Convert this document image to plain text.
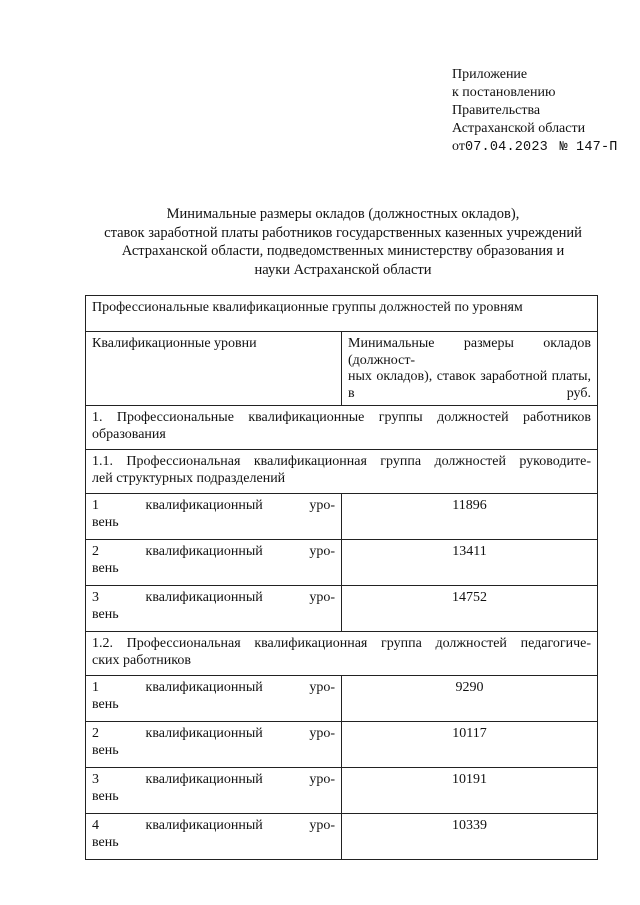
Приложение
к постановлению
Правительства
Астраханской области
от07.04.2023 № 147-П
Минимальные размеры окладов (должностных окладов),
ставок заработной платы работников государственных казенных учреждений
Астраханской области, подведомственных министерству образования и
науки Астраханской области
Профессиональные квалификационные группы должностей по уровням	
Квалификационные уровни	Минимальные размеры окладов (должност-
ных окладов), ставок заработной платы, в руб.

1. Профессиональные квалификационные группы должностей работников
образования	

1.1. Профессиональная квалификационная группа должностей руководите-
лей структурных подразделений	

1 квалификационный уро-
вень	11896

2 квалификационный уро-
вень	13411

3 квалификационный уро-
вень	14752

1.2. Профессиональная квалификационная группа должностей педагогиче-
ских работников	

1 квалификационный уро-
вень	9290

2 квалификационный уро-
вень	10117

3 квалификационный уро-
вень	10191

4 квалификационный уро-
вень	10339
